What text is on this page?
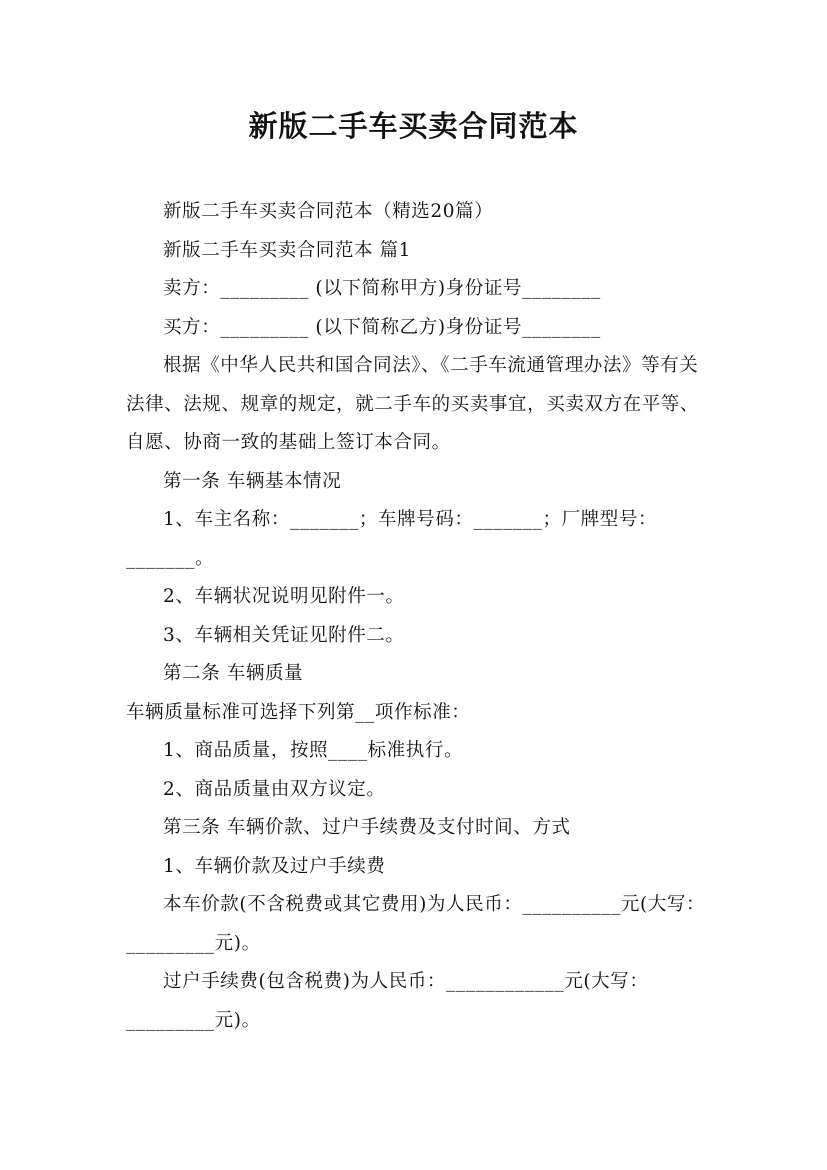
新版二手车买卖合同范本

新版二手车买卖合同范本（精选20篇）

新版二手车买卖合同范本 篇1

卖方：_________ (以下简称甲方)身份证号________

买方：_________ (以下简称乙方)身份证号________

根据《中华人民共和国合同法》、《二手车流通管理办法》等有关法律、法规、规章的规定，就二手车的买卖事宜，买卖双方在平等、自愿、协商一致的基础上签订本合同。

第一条 车辆基本情况

1、车主名称：_______；车牌号码：_______；厂牌型号：_______。

2、车辆状况说明见附件一。

3、车辆相关凭证见附件二。

第二条 车辆质量

车辆质量标准可选择下列第__项作标准：

1、商品质量，按照____标准执行。

2、商品质量由双方议定。

第三条 车辆价款、过户手续费及支付时间、方式

1、车辆价款及过户手续费

本车价款(不含税费或其它费用)为人民币：__________元(大写：_________元)。

过户手续费(包含税费)为人民币：____________元(大写：_________元)。
